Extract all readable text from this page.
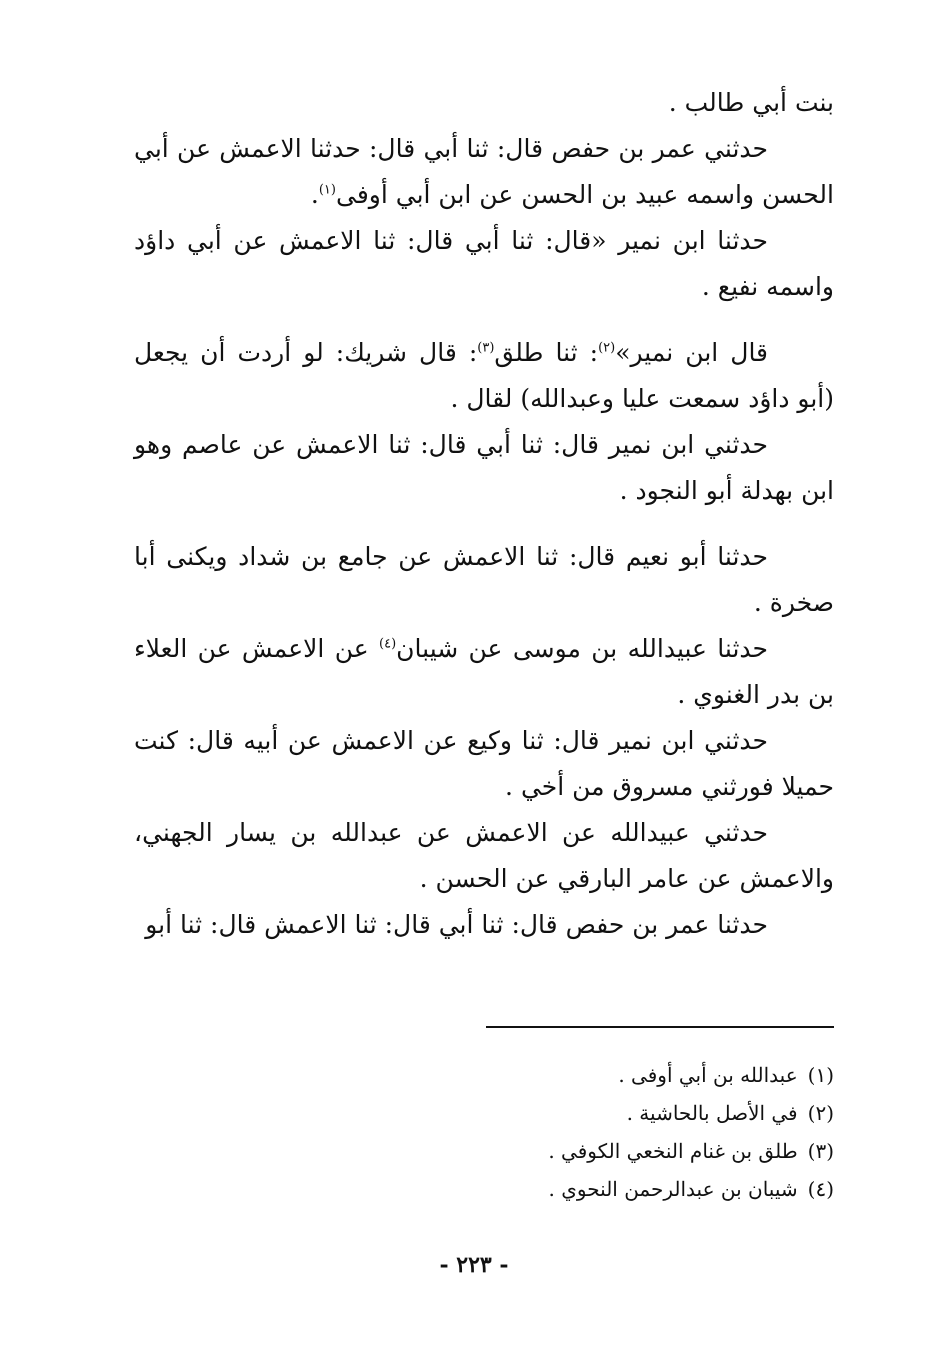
بنت أبي طالب .

حدثني عمر بن حفص قال: ثنا أبي قال: حدثنا الاعمش عن أبي الحسن واسمه عبيد بن الحسن عن ابن أبي أوفى$^{(١)}$.

حدثنا ابن نمير «قال: ثنا أبي قال: ثنا الاعمش عن أبي داؤد واسمه نفيع .

قال ابن نمير»$^{(٢)}$: ثنا طلق$^{(٣)}$: قال شريك: لو أردت أن يجعل (أبو داؤد سمعت عليا وعبدالله) لقال .

حدثني ابن نمير قال: ثنا أبي قال: ثنا الاعمش عن عاصم وهو ابن بهدلة أبو النجود .

حدثنا أبو نعيم قال: ثنا الاعمش عن جامع بن شداد ويكنى أبا صخرة .

حدثنا عبيدالله بن موسى عن شيبان$^{(٤)}$ عن الاعمش عن العلاء بن بدر الغنوي .

حدثني ابن نمير قال: ثنا وكيع عن الاعمش عن أبيه قال: كنت حميلا فورثني مسروق من أخي .

حدثني عبيدالله عن الاعمش عن عبدالله بن يسار الجهني، والاعمش عن عامر البارقي عن الحسن .

حدثنا عمر بن حفص قال: ثنا أبي قال: ثنا الاعمش قال: ثنا أبو

(١)عبدالله بن أبي أوفى .

(٢)في الأصل بالحاشية .

(٣)طلق بن غنام النخعي الكوفي .

(٤)شيبان بن عبدالرحمن النحوي .

- ٢٢٣ -
